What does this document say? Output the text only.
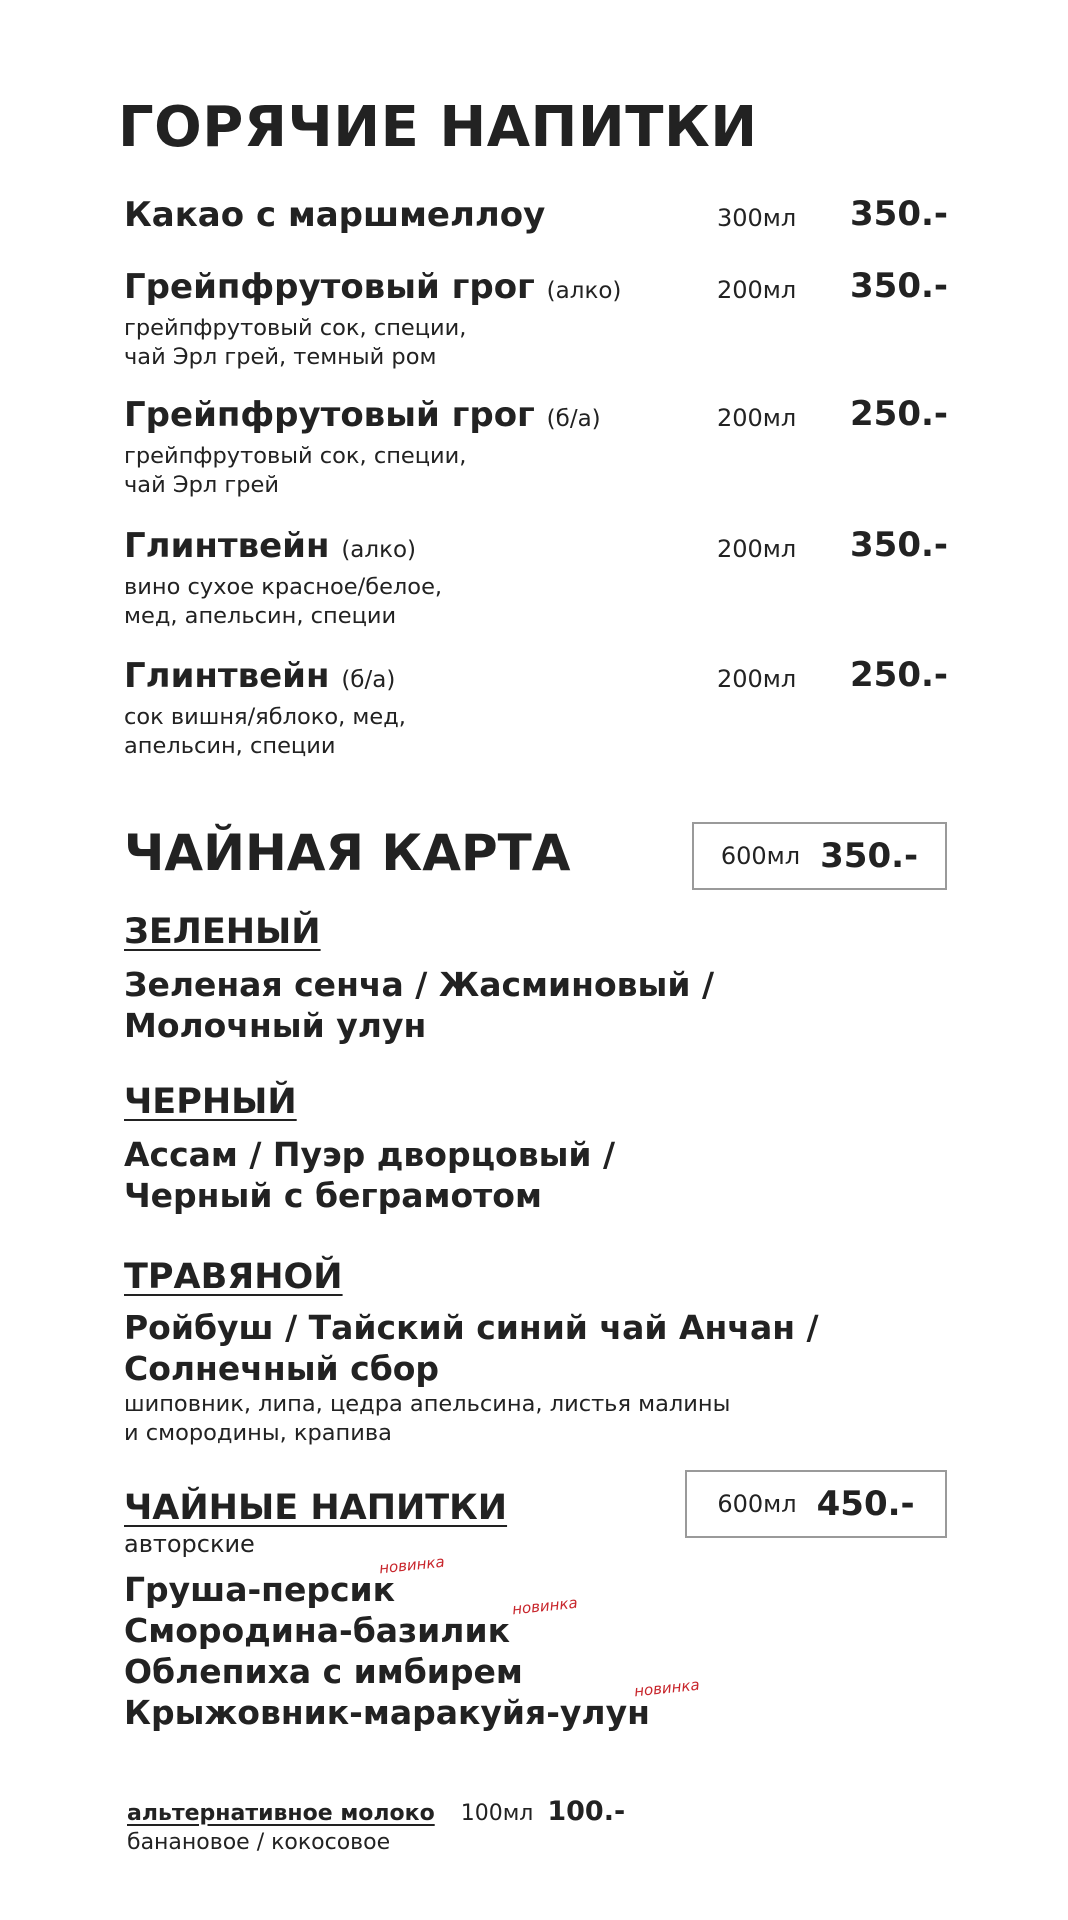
ГОРЯЧИЕ НАПИТКИ
Какао с маршмеллоу	300мл	350.-
Грейпфрутовый грог (алко)
грейпфрутовый сок, специи,
чай Эрл грей, темный ром
200мл	350.-
Грейпфрутовый грог (б/а)
грейпфрутовый сок, специи,
чай Эрл грей
200мл	250.-
Глинтвейн (алко)
вино сухое красное/белое,
мед, апельсин, специи
200мл	350.-
Глинтвейн (б/а)
сок вишня/яблоко, мед,
апельсин, специи
200мл	250.-
ЧАЙНАЯ КАРТА	600мл 350.-
ЗЕЛЕНЫЙ
Зеленая сенча / Жасминовый /
Молочный улун
ЧЕРНЫЙ
Ассам / Пуэр дворцовый /
Черный с бегрaмотом
ТРАВЯНОЙ
Ройбуш / Тайский синий чай Анчан /
Солнечный сбор
шиповник, липа, цедра апельсина, листья малины
и смородины, крапива
ЧАЙНЫЕ НАПИТКИ
авторские
600мл 450.-
Груша-персик
Смородина-базилик
Облепиха с имбирем
Крыжовник-маракуйя-улун
новинка
новинка
новинка
альтернативное молоко 100мл 100.-
банановое / кокосовое
